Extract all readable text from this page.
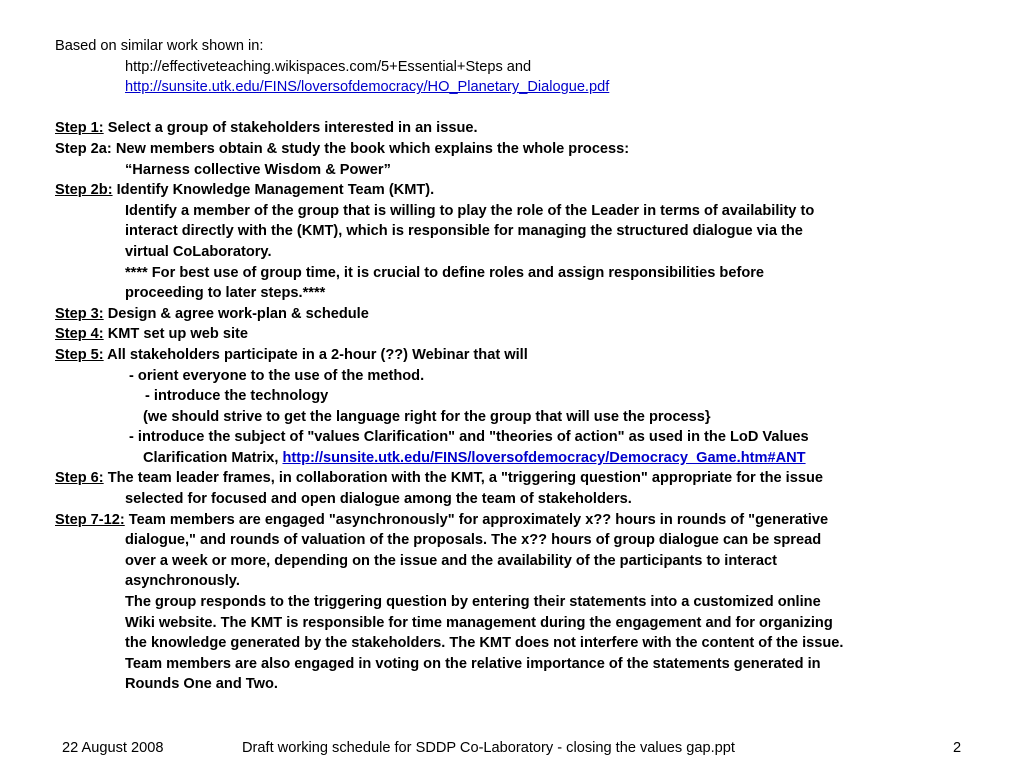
Based on similar work shown in:
http://effectiveteaching.wikispaces.com/5+Essential+Steps and
http://sunsite.utk.edu/FINS/loversofdemocracy/HO_Planetary_Dialogue.pdf
Step 1: Select a group of stakeholders interested in an issue.
Step 2a: New members obtain & study the book which explains the whole process:
“Harness collective Wisdom & Power”
Step 2b: Identify Knowledge Management Team (KMT).
Identify a member of the group that is willing to play the role of the Leader in terms of availability to
interact directly with the (KMT), which is responsible for managing the structured dialogue via the
virtual CoLaboratory.
**** For best use of group time, it is crucial to define roles and assign responsibilities before
proceeding to later steps.****
Step 3: Design & agree work-plan & schedule
Step 4: KMT set up web site
Step 5: All stakeholders participate in a 2-hour (??) Webinar that will
- orient everyone to the use of the method.
- introduce the technology
(we should strive to get the language right for the group that will use the process}
- introduce the subject of "values Clarification" and "theories of action" as used in the LoD Values
Clarification Matrix, http://sunsite.utk.edu/FINS/loversofdemocracy/Democracy_Game.htm#ANT
Step 6: The team leader frames, in collaboration with the KMT, a "triggering question" appropriate for the issue
selected for focused and open dialogue among the team of stakeholders.
Step 7-12: Team members are engaged "asynchronously" for approximately x?? hours in rounds of "generative
dialogue," and rounds of valuation of the proposals. The x?? hours of group dialogue can be spread
over a week or more, depending on the issue and the availability of the participants to interact
asynchronously.
The group responds to the triggering question by entering their statements into a customized online
Wiki website. The KMT is responsible for time management during the engagement and for organizing
the knowledge generated by the stakeholders. The KMT does not interfere with the content of the issue.
Team members are also engaged in voting on the relative importance of the statements generated in
Rounds One and Two.
22 August 2008	Draft working schedule for SDDP Co-Laboratory - closing the values gap.ppt	2
